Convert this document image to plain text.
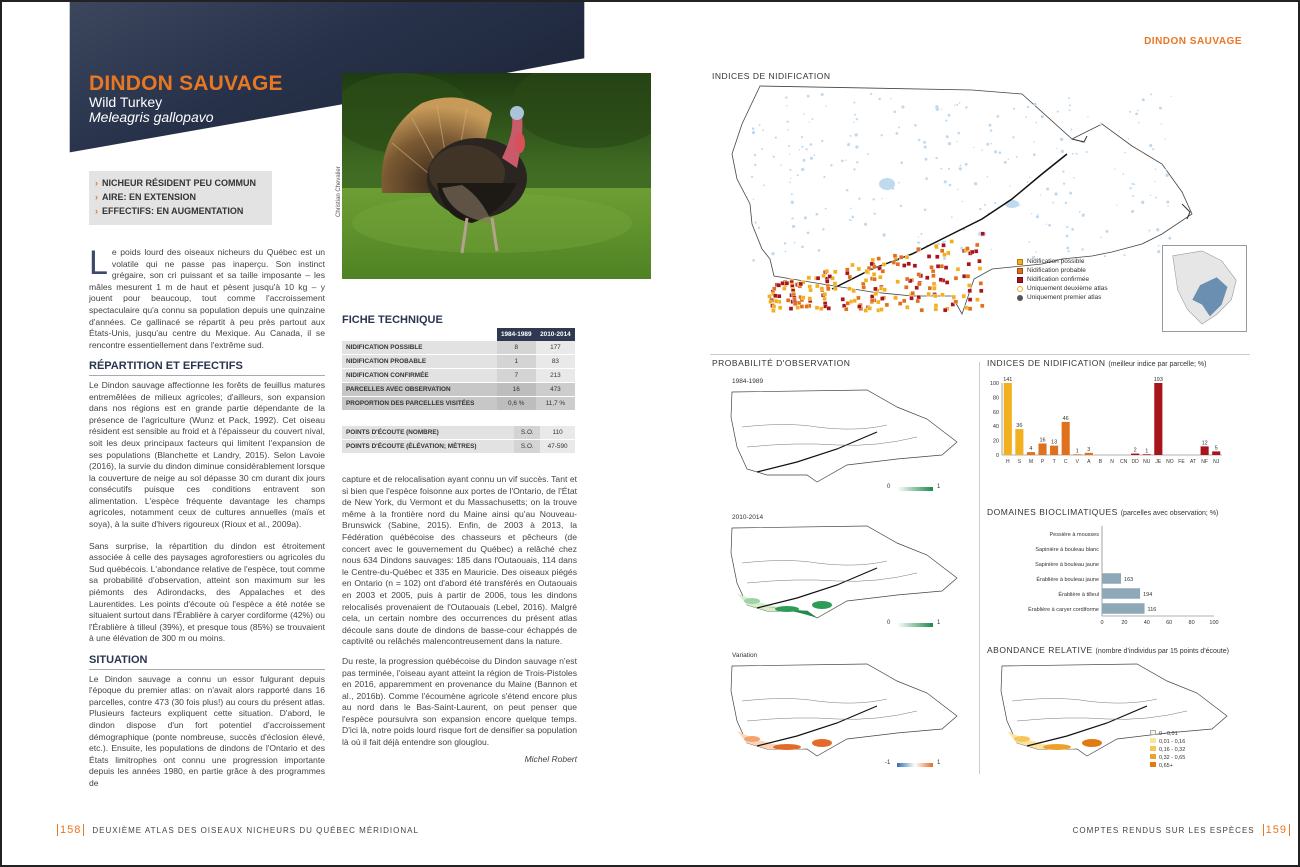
DINDON SAUVAGE
Wild Turkey
Meleagris gallopavo
› NICHEUR RÉSIDENT PEU COMMUN
› AIRE: EN EXTENSION
› EFFECTIFS: EN AUGMENTATION	Christian Chevalier

Le poids lourd des oiseaux nicheurs du Québec est un volatile qui ne passe pas inaperçu. Son instinct grégaire, son cri puissant et sa taille imposante – les mâles mesurent 1 m de haut et pèsent jusqu'à 10 kg – y jouent pour beaucoup, tout comme l'accroissement spectaculaire qu'a connu sa population depuis une quinzaine d'années. Ce gallinacé se répartit à peu près partout aux États-Unis, jusqu'au centre du Mexique. Au Canada, il se rencontre essentiellement dans l'extrême sud.

RÉPARTITION ET EFFECTIFS

Le Dindon sauvage affectionne les forêts de feuillus matures entremêlées de milieux agricoles; d'ailleurs, son expansion dans nos régions est en grande partie dépendante de la présence de l'agriculture (Wunz et Pack, 1992). Cet oiseau résident est sensible au froid et à l'épaisseur du couvert nival, soit les deux principaux facteurs qui limitent l'expansion de ses populations (Blanchette et Landry, 2015). Selon Lavoie (2016), la survie du dindon diminue considérablement lorsque la couverture de neige au sol dépasse 30 cm durant dix jours consécutifs puisque ces conditions entravent son alimentation. L'espèce fréquente davantage les champs agricoles, notamment ceux de cultures annuelles (maïs et soya), à la suite d'hivers rigoureux (Rioux et al., 2009a).

Sans surprise, la répartition du dindon est étroitement associée à celle des paysages agroforestiers ou agricoles du Sud québécois. L'abondance relative de l'espèce, tout comme sa probabilité d'observation, atteint son maximum sur les piémonts des Adirondacks, des Appalaches et des Laurentides. Les points d'écoute où l'espèce a été notée se situaient surtout dans l'Érablière à caryer cordiforme (42%) ou l'Érablière à tilleul (39%), et presque tous (85%) se trouvaient à une élévation de 300 m ou moins.

SITUATION

Le Dindon sauvage a connu un essor fulgurant depuis l'époque du premier atlas: on n'avait alors rapporté dans 16 parcelles, contre 473 (30 fois plus!) au cours du présent atlas. Plusieurs facteurs expliquent cette situation. D'abord, le dindon dispose d'un fort potentiel d'accroissement démographique (ponte nombreuse, succès d'éclosion élevé, etc.). Ensuite, les populations de dindons de l'Ontario et des États limitrophes ont connu une progression importante depuis les années 1980, en partie grâce à des programmes de

FICHE TECHNIQUE
	1984-1989	2010-2014
NIDIFICATION POSSIBLE	8	177
NIDIFICATION PROBABLE	1	83
NIDIFICATION CONFIRMÉE	7	213
PARCELLES AVEC OBSERVATION	16	473
PROPORTION DES PARCELLES VISITÉES	0,6 %	11,7 %
POINTS D'ÉCOUTE (NOMBRE)	S.O.	110
POINTS D'ÉCOUTE (ÉLÉVATION; MÈTRES)	S.O.	47-590

capture et de relocalisation ayant connu un vif succès. Tant et si bien que l'espèce foisonne aux portes de l'Ontario, de l'État de New York, du Vermont et du Massachusetts; on la trouve même à la frontière nord du Maine ainsi qu'au Nouveau-Brunswick (Sabine, 2015). Enfin, de 2003 à 2013, la Fédération québécoise des chasseurs et pêcheurs (de concert avec le gouvernement du Québec) a relâché chez nous 634 Dindons sauvages: 185 dans l'Outaouais, 114 dans le Centre-du-Québec et 335 en Mauricie. Des oiseaux piégés en Ontario (n = 102) ont d'abord été transférés en Outaouais en 2003 et 2005, puis à partir de 2006, tous les dindons relocalisés provenaient de l'Outaouais (Lebel, 2016). Malgré cela, un certain nombre des occurrences du présent atlas découle sans doute de dindons de basse-cour échappés de captivité ou relâchés malencontreusement dans la nature.

Du reste, la progression québécoise du Dindon sauvage n'est pas terminée, l'oiseau ayant atteint la région de Trois-Pistoles en 2016, apparemment en provenance du Maine (Bannon et al., 2016b). Comme l'écoumène agricole s'étend encore plus au nord dans le Bas-Saint-Laurent, on peut penser que l'espèce poursuivra son expansion encore quelque temps. D'ici là, notre poids lourd risque fort de densifier sa population là où il fait déjà entendre son glouglou.

Michel Robert
158 DEUXIÈME ATLAS DES OISEAUX NICHEURS DU QUÉBEC MÉRIDIONAL
DINDON SAUVAGE
INDICES DE NIDIFICATION
Nidification possible
Nidification probable
Nidification confirmée
Uniquement deuxième atlas
Uniquement premier atlas
PROBABILITÉ D'OBSERVATION
1984-1989
0	1
2010-2014
0	1
Variation
-1	1
INDICES DE NIDIFICATION (meilleur indice par parcelle; %)
0
20
40
60
80
100
H
141
S
36
M
4
P
16
T
13
C
46
V
1
A
3
B N CN DD
2
NU
1
JE
193
NO FE AT NF
12
NJ
5
DOMAINES BIOCLIMATIQUES (parcelles avec observation; %)
Pessière à mousses
Sapinière à bouleau blanc
Sapinière à bouleau jaune
Érablière à bouleau jaune	163
Érablière à tilleul	194
Érablière à caryer cordiforme	116
0	20	40	60	80	100
ABONDANCE RELATIVE (nombre d'individus par 15 points d'écoute)
0 - 0,01
0,01 - 0,16
0,16 - 0,32
0,32 - 0,65
0,65+
COMPTES RENDUS SUR LES ESPÈCES 159
